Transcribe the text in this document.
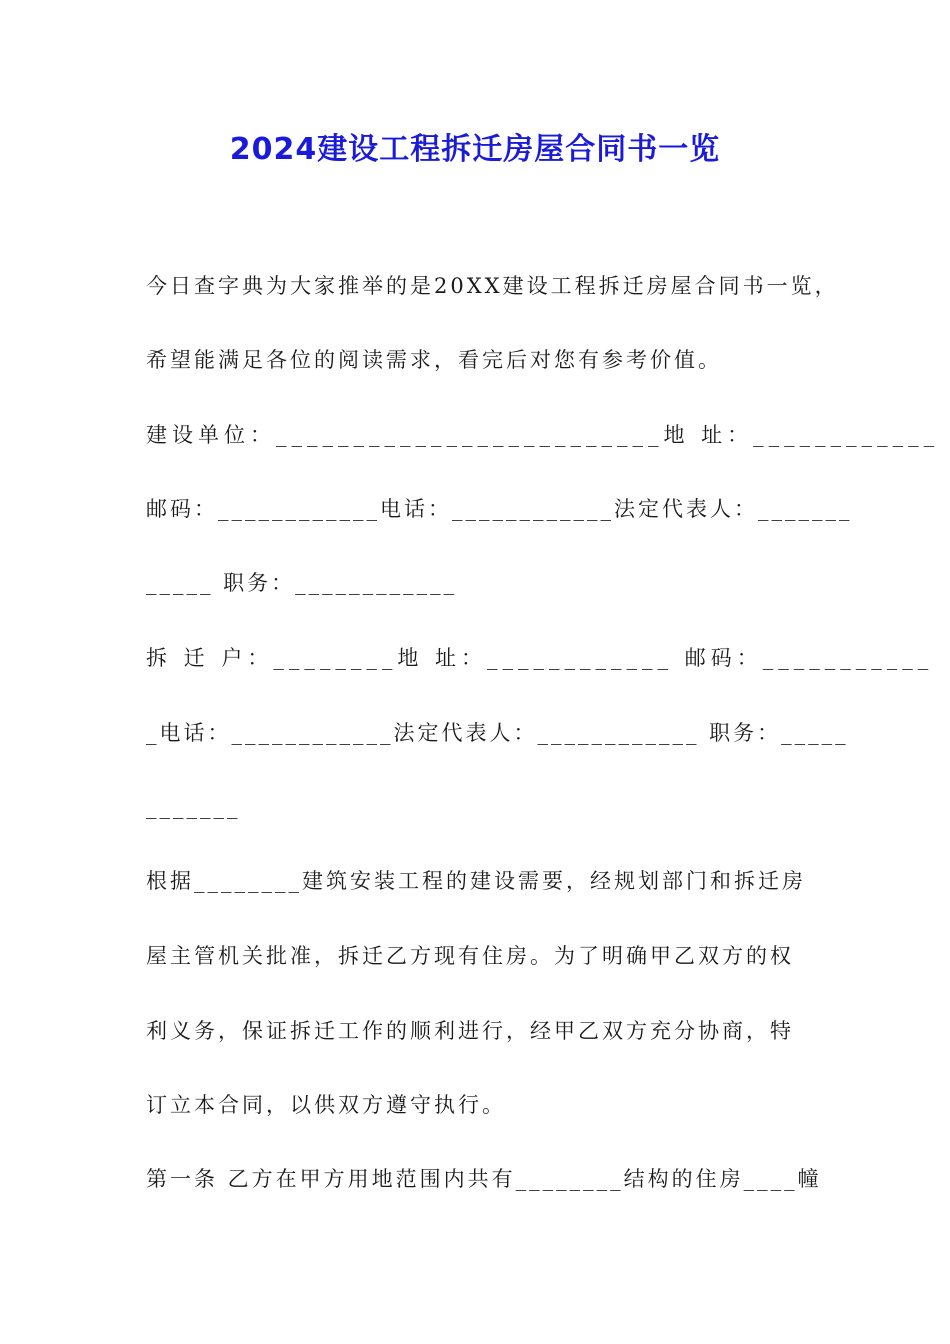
2024建设工程拆迁房屋合同书一览
今日查字典为大家推举的是20XX建设工程拆迁房屋合同书一览，
希望能满足各位的阅读需求，看完后对您有参考价值。
建设单位：_________________________地 址：____________
邮码：____________电话：____________法定代表人：_______
_____ 职务：____________
拆 迁 户：________地 址：____________ 邮码：___________
_电话：____________法定代表人：____________ 职务：_____
_______
根据________建筑安装工程的建设需要，经规划部门和拆迁房
屋主管机关批准，拆迁乙方现有住房。为了明确甲乙双方的权
利义务，保证拆迁工作的顺利进行，经甲乙双方充分协商，特
订立本合同，以供双方遵守执行。
第一条 乙方在甲方用地范围内共有________结构的住房____幢
